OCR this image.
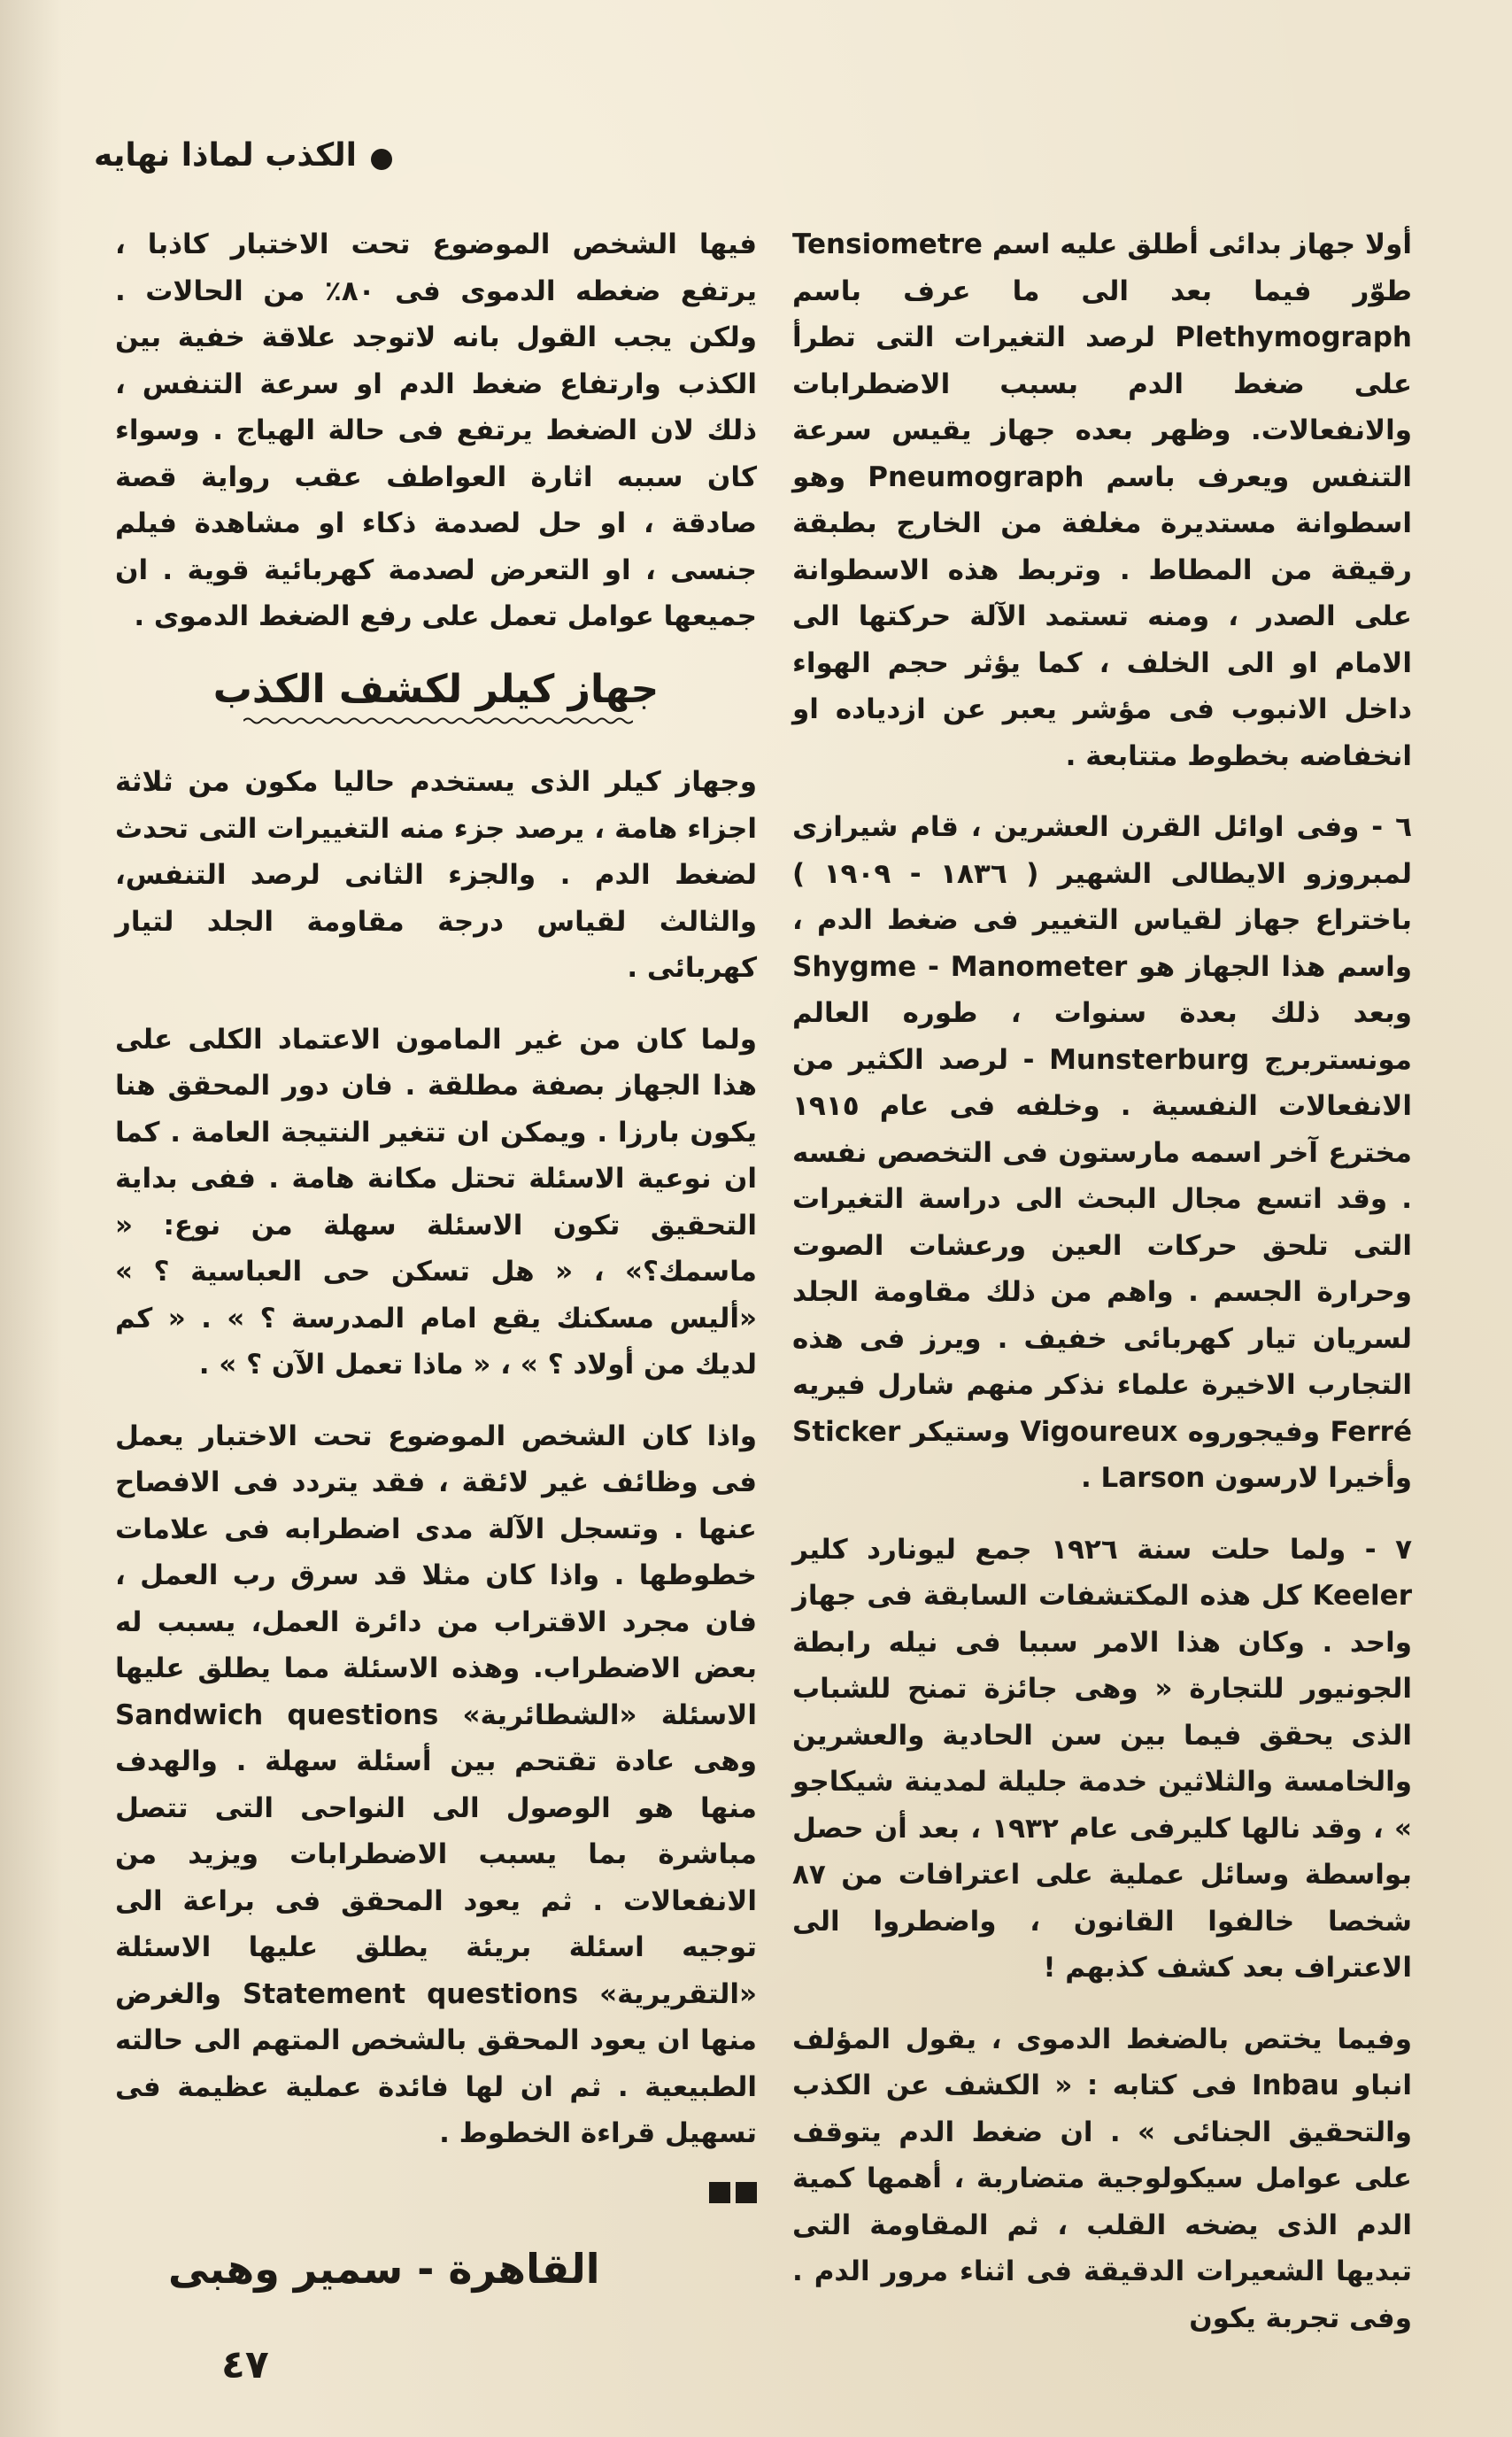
الكذب لماذا نهايه

أولا جهاز بدائى أطلق عليه اسم Tensiometre طوّر فيما بعد الى ما عرف باسم Plethymograph لرصد التغيرات التى تطرأ على ضغط الدم بسبب الاضطرابات والانفعالات. وظهر بعده جهاز يقيس سرعة التنفس ويعرف باسم Pneumograph وهو اسطوانة مستديرة مغلفة من الخارج بطبقة رقيقة من المطاط . وتربط هذه الاسطوانة على الصدر ، ومنه تستمد الآلة حركتها الى الامام او الى الخلف ، كما يؤثر حجم الهواء داخل الانبوب فى مؤشر يعبر عن ازدياده او انخفاضه بخطوط متتابعة .

٦ - وفى اوائل القرن العشرين ، قام شيرازى لمبروزو الايطالى الشهير ( ١٨٣٦ - ١٩٠٩ ) باختراع جهاز لقياس التغيير فى ضغط الدم ، واسم هذا الجهاز هو Shygme - Manometer وبعد ذلك بعدة سنوات ، طوره العالم مونستربرج Munsterburg - لرصد الكثير من الانفعالات النفسية . وخلفه فى عام ١٩١٥ مخترع آخر اسمه مارستون فى التخصص نفسه . وقد اتسع مجال البحث الى دراسة التغيرات التى تلحق حركات العين ورعشات الصوت وحرارة الجسم . واهم من ذلك مقاومة الجلد لسريان تيار كهربائى خفيف . ويرز فى هذه التجارب الاخيرة علماء نذكر منهم شارل فيريه Ferré وفيجوروه Vigoureux وستيكر Sticker وأخيرا لارسون Larson .

٧ - ولما حلت سنة ١٩٢٦ جمع ليونارد كلير Keeler كل هذه المكتشفات السابقة فى جهاز واحد . وكان هذا الامر سببا فى نيله رابطة الجونيور للتجارة « وهى جائزة تمنح للشباب الذى يحقق فيما بين سن الحادية والعشرين والخامسة والثلاثين خدمة جليلة لمدينة شيكاجو » ، وقد نالها كليرفى عام ١٩٣٢ ، بعد أن حصل بواسطة وسائل عملية على اعترافات من ٨٧ شخصا خالفوا القانون ، واضطروا الى الاعتراف بعد كشف كذبهم !

وفيما يختص بالضغط الدموى ، يقول المؤلف انباو Inbau فى كتابه : « الكشف عن الكذب والتحقيق الجنائى » . ان ضغط الدم يتوقف على عوامل سيكولوجية متضاربة ، أهمها كمية الدم الذى يضخه القلب ، ثم المقاومة التى تبديها الشعيرات الدقيقة فى اثناء مرور الدم . وفى تجربة يكون

فيها الشخص الموضوع تحت الاختبار كاذبا ، يرتفع ضغطه الدموى فى ٨٠٪ من الحالات . ولكن يجب القول بانه لاتوجد علاقة خفية بين الكذب وارتفاع ضغط الدم او سرعة التنفس ، ذلك لان الضغط يرتفع فى حالة الهياج . وسواء كان سببه اثارة العواطف عقب رواية قصة صادقة ، او حل لصدمة ذكاء او مشاهدة فيلم جنسى ، او التعرض لصدمة كهربائية قوية . ان جميعها عوامل تعمل على رفع الضغط الدموى .

جهاز كيلر لكشف الكذب

وجهاز كيلر الذى يستخدم حاليا مكون من ثلاثة اجزاء هامة ، يرصد جزء منه التغييرات التى تحدث لضغط الدم . والجزء الثانى لرصد التنفس، والثالث لقياس درجة مقاومة الجلد لتيار كهربائى .

ولما كان من غير المامون الاعتماد الكلى على هذا الجهاز بصفة مطلقة . فان دور المحقق هنا يكون بارزا . ويمكن ان تتغير النتيجة العامة . كما ان نوعية الاسئلة تحتل مكانة هامة . ففى بداية التحقيق تكون الاسئلة سهلة من نوع: « ماسمك؟» ، « هل تسكن حى العباسية ؟ » «أليس مسكنك يقع امام المدرسة ؟ » . « كم لديك من أولاد ؟ » ، « ماذا تعمل الآن ؟ » .

واذا كان الشخص الموضوع تحت الاختبار يعمل فى وظائف غير لائقة ، فقد يتردد فى الافصاح عنها . وتسجل الآلة مدى اضطرابه فى علامات خطوطها . واذا كان مثلا قد سرق رب العمل ، فان مجرد الاقتراب من دائرة العمل، يسبب له بعض الاضطراب. وهذه الاسئلة مما يطلق عليها الاسئلة «الشطائرية» Sandwich questions وهى عادة تقتحم بين أسئلة سهلة . والهدف منها هو الوصول الى النواحى التى تتصل مباشرة بما يسبب الاضطرابات ويزيد من الانفعالات . ثم يعود المحقق فى براعة الى توجيه اسئلة بريئة يطلق عليها الاسئلة «التقريرية» Statement questions والغرض منها ان يعود المحقق بالشخص المتهم الى حالته الطبيعية . ثم ان لها فائدة عملية عظيمة فى تسهيل قراءة الخطوط .

القاهرة - سمير وهبى
٤٧
